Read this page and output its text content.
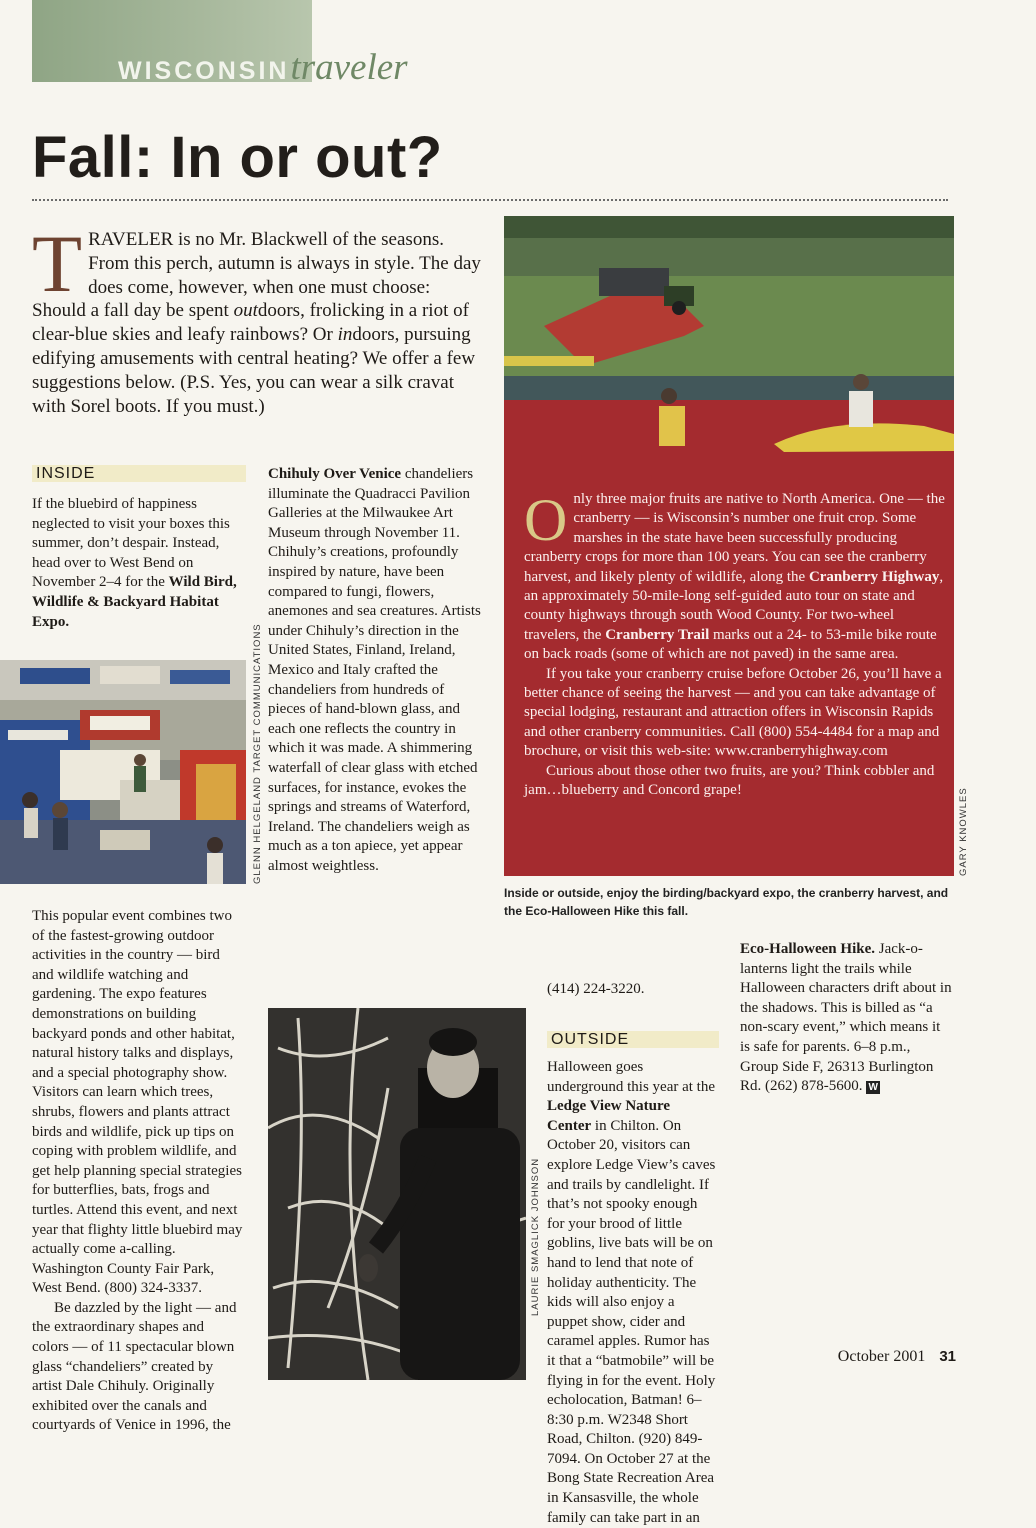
WISCONSIN traveler
Fall: In or out?

TRAVELER is no Mr. Blackwell of the seasons. From this perch, autumn is always in style. The day does come, however, when one must choose: Should a fall day be spent outdoors, frolicking in a riot of clear-blue skies and leafy rainbows? Or indoors, pursuing edifying amusements with central heating? We offer a few suggestions below. (P.S. Yes, you can wear a silk cravat with Sorel boots. If you must.)

INSIDE

If the bluebird of happiness neglected to visit your boxes this summer, don’t despair. Instead, head over to West Bend on November 2–4 for the Wild Bird, Wildlife & Backyard Habitat Expo.

GLENN HELGELAND TARGET COMMUNICATIONS

This popular event combines two of the fastest-growing outdoor activities in the country — bird and wildlife watching and gardening. The expo features demonstrations on building backyard ponds and other habitat, natural history talks and displays, and a special photography show. Visitors can learn which trees, shrubs, flowers and plants attract birds and wildlife, pick up tips on coping with problem wildlife, and get help planning special strategies for butterflies, bats, frogs and turtles. Attend this event, and next year that flighty little bluebird may actually come a-calling. Washington County Fair Park, West Bend. (800) 324-3337.

Be dazzled by the light — and the extraordinary shapes and colors — of 11 spectacular blown glass “chandeliers” created by artist Dale Chihuly. Originally exhibited over the canals and courtyards of Venice in 1996, the

Chihuly Over Venice chandeliers illuminate the Quadracci Pavilion Galleries at the Milwaukee Art Museum through November 11. Chihuly’s creations, profoundly inspired by nature, have been compared to fungi, flowers, anemones and sea creatures. Artists under Chihuly’s direction in the United States, Finland, Ireland, Mexico and Italy crafted the chandeliers from hundreds of pieces of hand-blown glass, and each one reflects the country in which it was made. A shimmering waterfall of clear glass with etched surfaces, for instance, evokes the springs and streams of Waterford, Ireland. The chandeliers weigh as much as a ton apiece, yet appear almost weightless.

LAURIE SMAGLICK JOHNSON

Only three major fruits are native to North America. One — the cranberry — is Wisconsin’s number one fruit crop. Some marshes in the state have been successfully producing cranberry crops for more than 100 years. You can see the cranberry harvest, and likely plenty of wildlife, along the Cranberry Highway, an approximately 50-mile-long self-guided auto tour on state and county highways through south Wood County. For two-wheel travelers, the Cranberry Trail marks out a 24- to 53-mile bike route on back roads (some of which are not paved) in the same area.

If you take your cranberry cruise before October 26, you’ll have a better chance of seeing the harvest — and you can take advantage of special lodging, restaurant and attraction offers in Wisconsin Rapids and other cranberry communities. Call (800) 554-4484 for a map and brochure, or visit this web-site: www.cranberryhighway.com

Curious about those other two fruits, are you? Think cobbler and jam…blueberry and Concord grape!	GARY KNOWLES

Inside or outside, enjoy the birding/backyard expo, the cranberry harvest, and the Eco-Halloween Hike this fall.

(414) 224-3220.
OUTSIDE

Halloween goes underground this year at the Ledge View Nature Center in Chilton. On October 20, visitors can explore Ledge View’s caves and trails by candlelight. If that’s not spooky enough for your brood of little goblins, live bats will be on hand to lend that note of holiday authenticity. The kids will also enjoy a puppet show, cider and caramel apples. Rumor has it that a “batmobile” will be flying in for the event. Holy echolocation, Batman! 6–8:30 p.m. W2348 Short Road, Chilton. (920) 849-7094. On October 27 at the Bong State Recreation Area in Kansasville, the whole family can take part in an

Eco-Halloween Hike. Jack-o-lanterns light the trails while Halloween characters drift about in the shadows. This is billed as “a non-scary event,” which means it is safe for parents. 6–8 p.m., Group Side F, 26313 Burlington Rd. (262) 878-5600. W

October 2001 31
